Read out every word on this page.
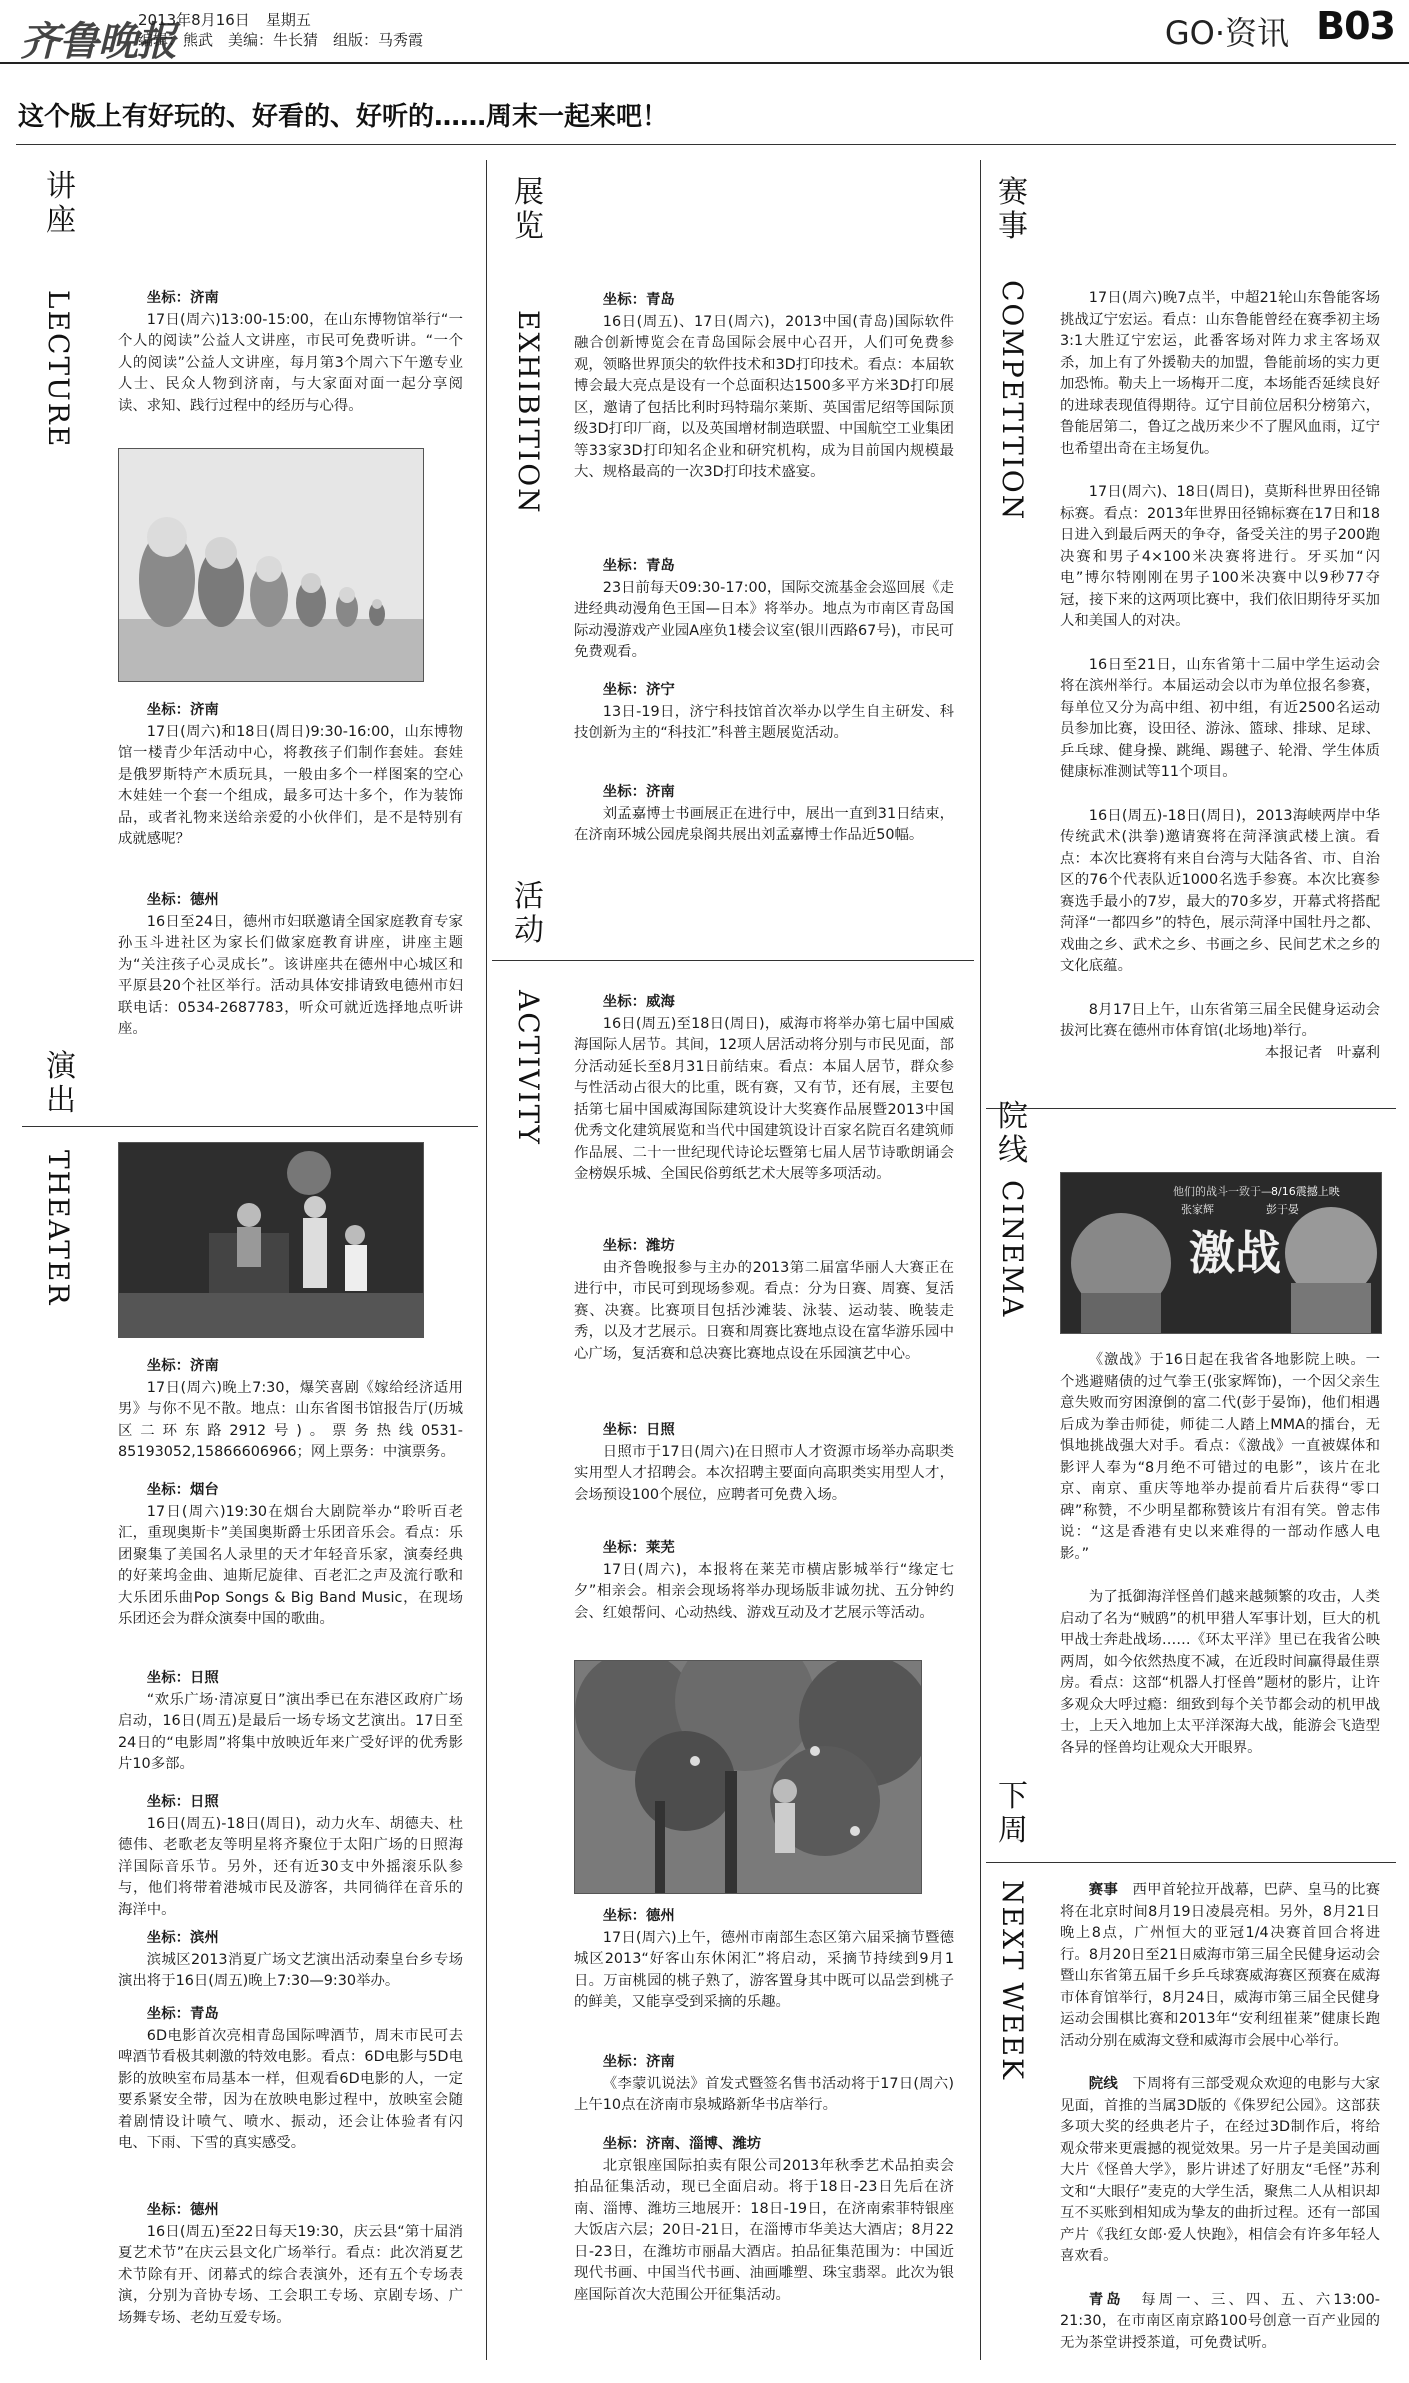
齐鲁晚报
2013年8月16日 星期五
编辑：熊武　美编：牛长猜　组版：马秀霞	GO·资讯 B03
这个版上有好玩的、好看的、好听的……周末一起来吧！
讲座
LECTURE	坐标：济南

17日(周六)13:00-15:00，在山东博物馆举行“一个人的阅读”公益人文讲座，市民可免费听讲。“一个人的阅读”公益人文讲座，每月第3个周六下午邀专业人士、民众人物到济南，与大家面对面一起分享阅读、求知、践行过程中的经历与心得。

坐标：济南

17日(周六)和18日(周日)9:30-16:00，山东博物馆一楼青少年活动中心，将教孩子们制作套娃。套娃是俄罗斯特产木质玩具，一般由多个一样图案的空心木娃娃一个套一个组成，最多可达十多个，作为装饰品，或者礼物来送给亲爱的小伙伴们，是不是特别有成就感呢？

坐标：德州

16日至24日，德州市妇联邀请全国家庭教育专家孙玉斗进社区为家长们做家庭教育讲座，讲座主题为“关注孩子心灵成长”。该讲座共在德州中心城区和平原县20个社区举行。活动具体安排请致电德州市妇联电话：0534-2687783，听众可就近选择地点听讲座。

演出
THEATER

坐标：济南

17日(周六)晚上7:30，爆笑喜剧《嫁给经济适用男》与你不见不散。地点：山东省图书馆报告厅(历城区二环东路2912号)。票务热线0531-85193052,15866606966；网上票务：中演票务。

坐标：烟台

17日(周六)19:30在烟台大剧院举办“聆听百老汇，重现奥斯卡”美国奥斯爵士乐团音乐会。看点：乐团聚集了美国名人录里的天才年轻音乐家，演奏经典的好莱坞金曲、迪斯尼旋律、百老汇之声及流行歌和大乐团乐曲Pop Songs & Big Band Music，在现场乐团还会为群众演奏中国的歌曲。

坐标：日照

“欢乐广场·清凉夏日”演出季已在东港区政府广场启动，16日(周五)是最后一场专场文艺演出。17日至24日的“电影周”将集中放映近年来广受好评的优秀影片10多部。

坐标：日照

16日(周五)-18日(周日)，动力火车、胡德夫、杜德伟、老歌老友等明星将齐聚位于太阳广场的日照海洋国际音乐节。另外，还有近30支中外摇滚乐队参与，他们将带着港城市民及游客，共同徜徉在音乐的海洋中。

坐标：滨州

滨城区2013消夏广场文艺演出活动秦皇台乡专场演出将于16日(周五)晚上7:30—9:30举办。

坐标：青岛

6D电影首次亮相青岛国际啤酒节，周末市民可去啤酒节看极其刺激的特效电影。看点：6D电影与5D电影的放映室布局基本一样，但观看6D电影的人，一定要系紧安全带，因为在放映电影过程中，放映室会随着剧情设计喷气、喷水、振动，还会让体验者有闪电、下雨、下雪的真实感受。

坐标：德州

16日(周五)至22日每天19:30，庆云县“第十届消夏艺术节”在庆云县文化广场举行。看点：此次消夏艺术节除有开、闭幕式的综合表演外，还有五个专场表演，分别为音协专场、工会职工专场、京剧专场、广场舞专场、老幼互爱专场。

展览
EXHIBITION

坐标：青岛

16日(周五)、17日(周六)，2013中国(青岛)国际软件融合创新博览会在青岛国际会展中心召开，人们可免费参观，领略世界顶尖的软件技术和3D打印技术。看点：本届软博会最大亮点是设有一个总面积达1500多平方米3D打印展区，邀请了包括比利时玛特瑞尔莱斯、英国雷尼绍等国际顶级3D打印厂商，以及英国增材制造联盟、中国航空工业集团等33家3D打印知名企业和研究机构，成为目前国内规模最大、规格最高的一次3D打印技术盛宴。

坐标：青岛

23日前每天09:30-17:00，国际交流基金会巡回展《走进经典动漫角色王国—日本》将举办。地点为市南区青岛国际动漫游戏产业园A座负1楼会议室(银川西路67号)，市民可免费观看。

坐标：济宁

13日-19日，济宁科技馆首次举办以学生自主研发、科技创新为主的“科技汇”科普主题展览活动。

坐标：济南

刘孟嘉博士书画展正在进行中，展出一直到31日结束，在济南环城公园虎泉阁共展出刘孟嘉博士作品近50幅。

活动
ACTIVITY	坐标：威海

16日(周五)至18日(周日)，威海市将举办第七届中国威海国际人居节。其间，12项人居活动将分别与市民见面，部分活动延长至8月31日前结束。看点：本届人居节，群众参与性活动占很大的比重，既有赛，又有节，还有展，主要包括第七届中国威海国际建筑设计大奖赛作品展暨2013中国优秀文化建筑展览和当代中国建筑设计百家名院百名建筑师作品展、二十一世纪现代诗论坛暨第七届人居节诗歌朗诵会金榜娱乐城、全国民俗剪纸艺术大展等多项活动。

坐标：潍坊

由齐鲁晚报参与主办的2013第二届富华丽人大赛正在进行中，市民可到现场参观。看点：分为日赛、周赛、复活赛、决赛。比赛项目包括沙滩装、泳装、运动装、晚装走秀，以及才艺展示。日赛和周赛比赛地点设在富华游乐园中心广场，复活赛和总决赛比赛地点设在乐园演艺中心。

坐标：日照

日照市于17日(周六)在日照市人才资源市场举办高职类实用型人才招聘会。本次招聘主要面向高职类实用型人才，会场预设100个展位，应聘者可免费入场。

坐标：莱芜

17日(周六)，本报将在莱芜市横店影城举行“缘定七夕”相亲会。相亲会现场将举办现场版非诚勿扰、五分钟约会、红娘帮问、心动热线、游戏互动及才艺展示等活动。

坐标：德州

17日(周六)上午，德州市南部生态区第六届采摘节暨德城区2013“好客山东休闲汇”将启动，采摘节持续到9月1日。万亩桃园的桃子熟了，游客置身其中既可以品尝到桃子的鲜美，又能享受到采摘的乐趣。

坐标：济南

《李蒙讥说法》首发式暨签名售书活动将于17日(周六)上午10点在济南市泉城路新华书店举行。

坐标：济南、淄博、潍坊

北京银座国际拍卖有限公司2013年秋季艺术品拍卖会拍品征集活动，现已全面启动。将于18日-23日先后在济南、淄博、潍坊三地展开：18日-19日，在济南索菲特银座大饭店六层；20日-21日，在淄博市华美达大酒店；8月22日-23日，在潍坊市丽晶大酒店。拍品征集范围为：中国近现代书画、中国当代书画、油画雕塑、珠宝翡翠。此次为银座国际首次大范围公开征集活动。

赛事
COMPETITION	17日(周六)晚7点半，中超21轮山东鲁能客场挑战辽宁宏运。看点：山东鲁能曾经在赛季初主场3:1大胜辽宁宏运，此番客场对阵力求主客场双杀，加上有了外援勒夫的加盟，鲁能前场的实力更加恐怖。勒夫上一场梅开二度，本场能否延续良好的进球表现值得期待。辽宁目前位居积分榜第六，鲁能居第二，鲁辽之战历来少不了腥风血雨，辽宁也希望出奇在主场复仇。

17日(周六)、18日(周日)，莫斯科世界田径锦标赛。看点：2013年世界田径锦标赛在17日和18日进入到最后两天的争夺，备受关注的男子200跑决赛和男子4×100米决赛将进行。牙买加“闪电”博尔特刚刚在男子100米决赛中以9秒77夺冠，接下来的这两项比赛中，我们依旧期待牙买加人和美国人的对决。

16日至21日，山东省第十二届中学生运动会将在滨州举行。本届运动会以市为单位报名参赛，每单位又分为高中组、初中组，有近2500名运动员参加比赛，设田径、游泳、篮球、排球、足球、乒乓球、健身操、跳绳、踢毽子、轮滑、学生体质健康标准测试等11个项目。

16日(周五)-18日(周日)，2013海峡两岸中华传统武术(洪拳)邀请赛将在菏泽演武楼上演。看点：本次比赛将有来自台湾与大陆各省、市、自治区的76个代表队近1000名选手参赛。本次比赛参赛选手最小的7岁，最大的70多岁，开幕式将搭配菏泽“一都四乡”的特色，展示菏泽中国牡丹之都、戏曲之乡、武术之乡、书画之乡、民间艺术之乡的文化底蕴。

8月17日上午，山东省第三届全民健身运动会拔河比赛在德州市体育馆(北场地)举行。

本报记者　叶嘉利

院线
CINEMA	他们的战斗一致于— 8/16震撼上映
张家辉	彭于晏
激战

《激战》于16日起在我省各地影院上映。一个逃避赌债的过气拳王(张家辉饰)，一个因父亲生意失败而穷困潦倒的富二代(彭于晏饰)，他们相遇后成为拳击师徒，师徒二人踏上MMA的擂台，无惧地挑战强大对手。看点：《激战》一直被媒体和影评人奉为“8月绝不可错过的电影”，该片在北京、南京、重庆等地举办提前看片后获得“零口碑”称赞，不少明星都称赞该片有泪有笑。曾志伟说：“这是香港有史以来难得的一部动作感人电影。”

为了抵御海洋怪兽们越来越频繁的攻击，人类启动了名为“贼鸥”的机甲猎人军事计划，巨大的机甲战士奔赴战场……《环太平洋》里已在我省公映两周，如今依然热度不减，在近段时间赢得最佳票房。看点：这部“机器人打怪兽”题材的影片，让许多观众大呼过瘾：细致到每个关节都会动的机甲战士，上天入地加上太平洋深海大战，能游会飞造型各异的怪兽均让观众大开眼界。

下周
NEXT WEEK	赛事　 西甲首轮拉开战幕，巴萨、皇马的比赛将在北京时间8月19日凌晨亮相。另外，8月21日晚上8点，广州恒大的亚冠1/4决赛首回合将进行。8月20日至21日威海市第三届全民健身运动会暨山东省第五届千乡乒乓球赛威海赛区预赛在威海市体育馆举行，8月24日，威海市第三届全民健身运动会围棋比赛和2013年“安利纽崔莱”健康长跑活动分别在威海文登和威海市会展中心举行。

院线　 下周将有三部受观众欢迎的电影与大家见面，首推的当属3D版的《侏罗纪公园》。这部获多项大奖的经典老片子，在经过3D制作后，将给观众带来更震撼的视觉效果。另一片子是美国动画大片《怪兽大学》，影片讲述了好朋友“毛怪”苏利文和“大眼仔”麦克的大学生活，聚焦二人从相识却互不买账到相知成为挚友的曲折过程。还有一部国产片《我红女郎·爱人快跑》，相信会有许多年轻人喜欢看。

青岛　 每周一、三、四、五、六13:00-21:30，在市南区南京路100号创意一百产业园的无为茶堂讲授茶道，可免费试听。
